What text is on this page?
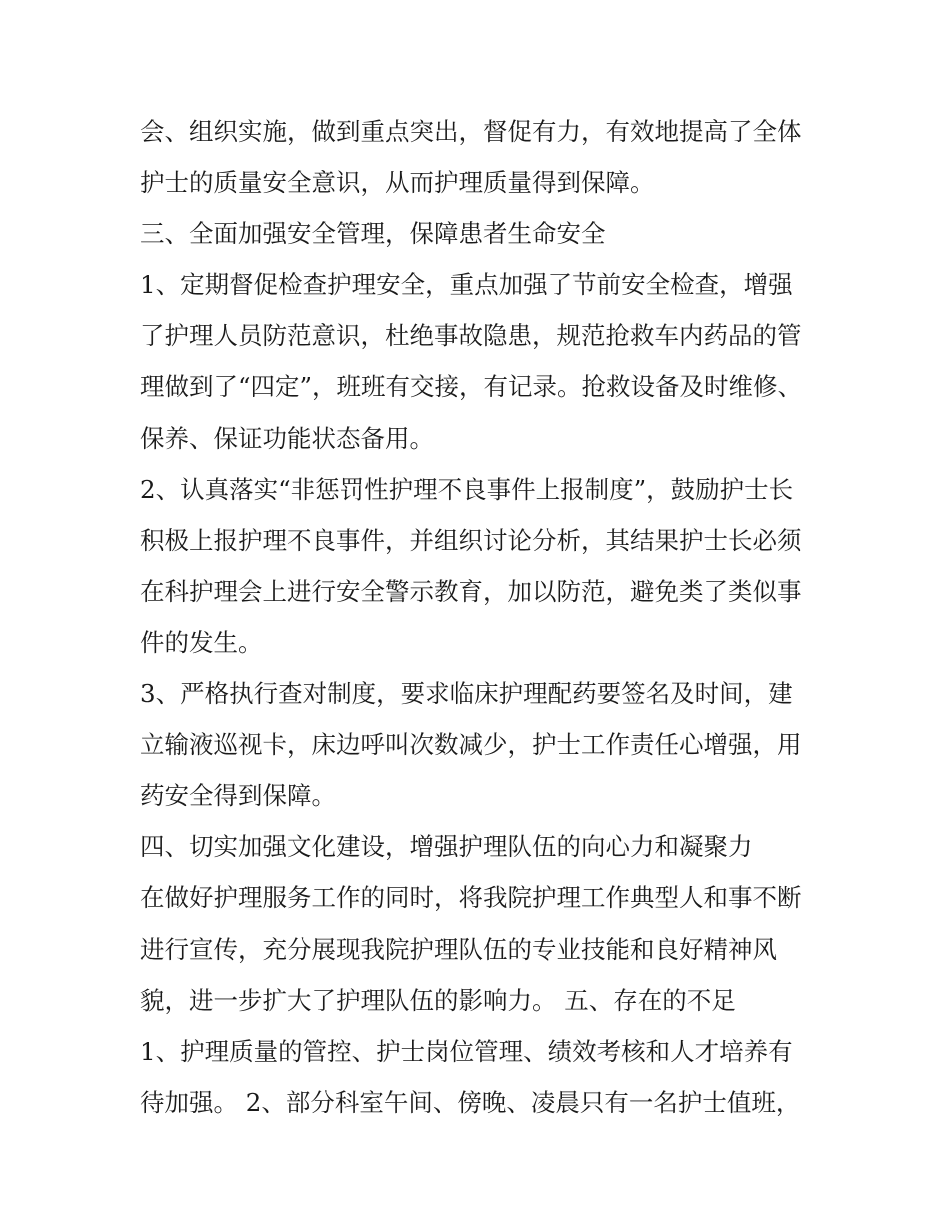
会、组织实施，做到重点突出，督促有力，有效地提高了全体
护士的质量安全意识，从而护理质量得到保障。
三、全面加强安全管理，保障患者生命安全
1、定期督促检查护理安全，重点加强了节前安全检查，增强
了护理人员防范意识，杜绝事故隐患，规范抢救车内药品的管
理做到了“四定”，班班有交接，有记录。抢救设备及时维修、
保养、保证功能状态备用。
2、认真落实“非惩罚性护理不良事件上报制度”，鼓励护士长
积极上报护理不良事件，并组织讨论分析，其结果护士长必须
在科护理会上进行安全警示教育，加以防范，避免类了类似事
件的发生。
3、严格执行查对制度，要求临床护理配药要签名及时间，建
立输液巡视卡，床边呼叫次数减少，护士工作责任心增强，用
药安全得到保障。
四、切实加强文化建设，增强护理队伍的向心力和凝聚力
在做好护理服务工作的同时，将我院护理工作典型人和事不断
进行宣传，充分展现我院护理队伍的专业技能和良好精神风
貌，进一步扩大了护理队伍的影响力。 五、存在的不足
1、护理质量的管控、护士岗位管理、绩效考核和人才培养有
待加强。 2、部分科室午间、傍晚、凌晨只有一名护士值班，
